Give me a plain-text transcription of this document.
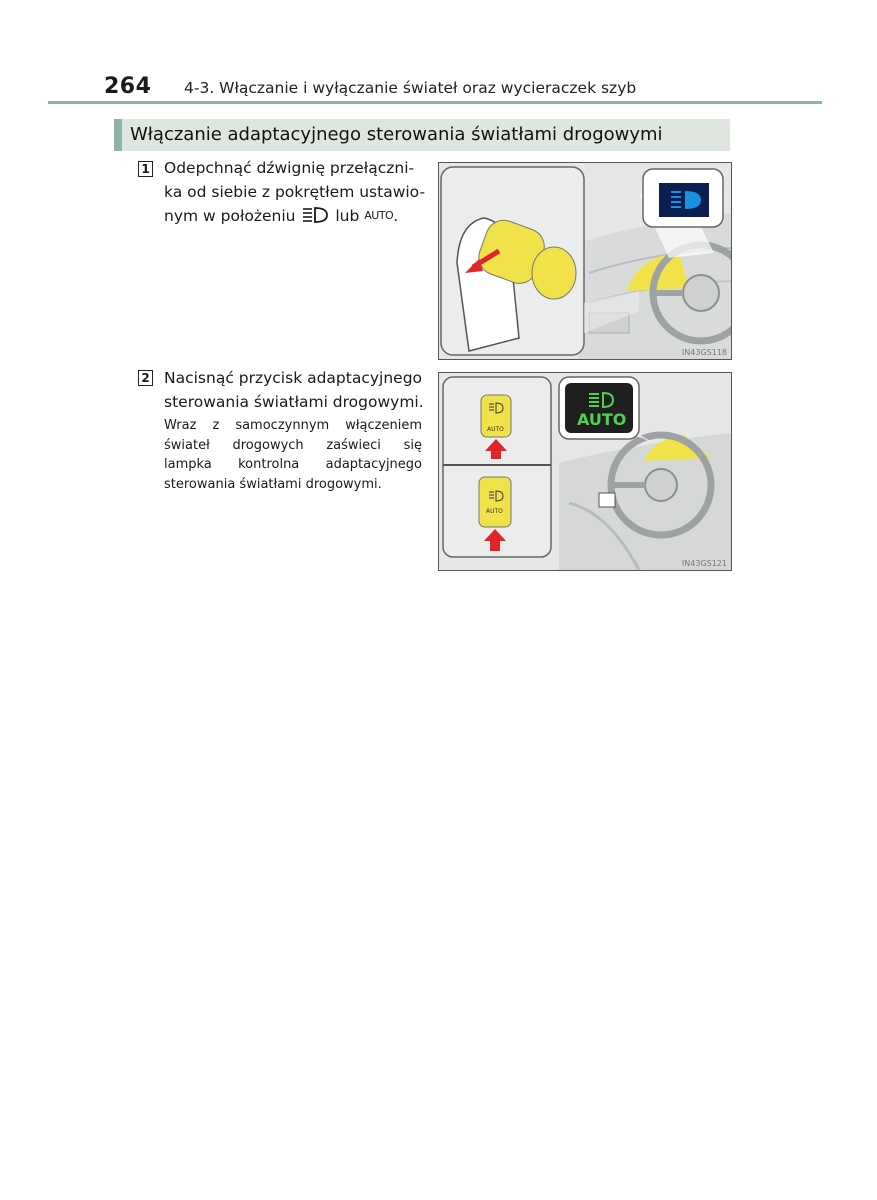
264 4-3. Włączanie i wyłączanie świateł oraz wycieraczek szyb
Włączanie adaptacyjnego sterowania światłami drogowymi
1 Odepchnąć dźwignię przełączni-
ka od siebie z pokrętłem ustawio-
nym w położeniu	lub AUTO.
IN43GS118
2 Nacisnąć przycisk adaptacyjnego
sterowania światłami drogowymi.
Wraz z samoczynnym włączeniem
świateł drogowych zaświeci się
lampka kontrolna adaptacyjnego
sterowania światłami drogowymi.
AUTO
AUTO
AUTO
IN43GS121
